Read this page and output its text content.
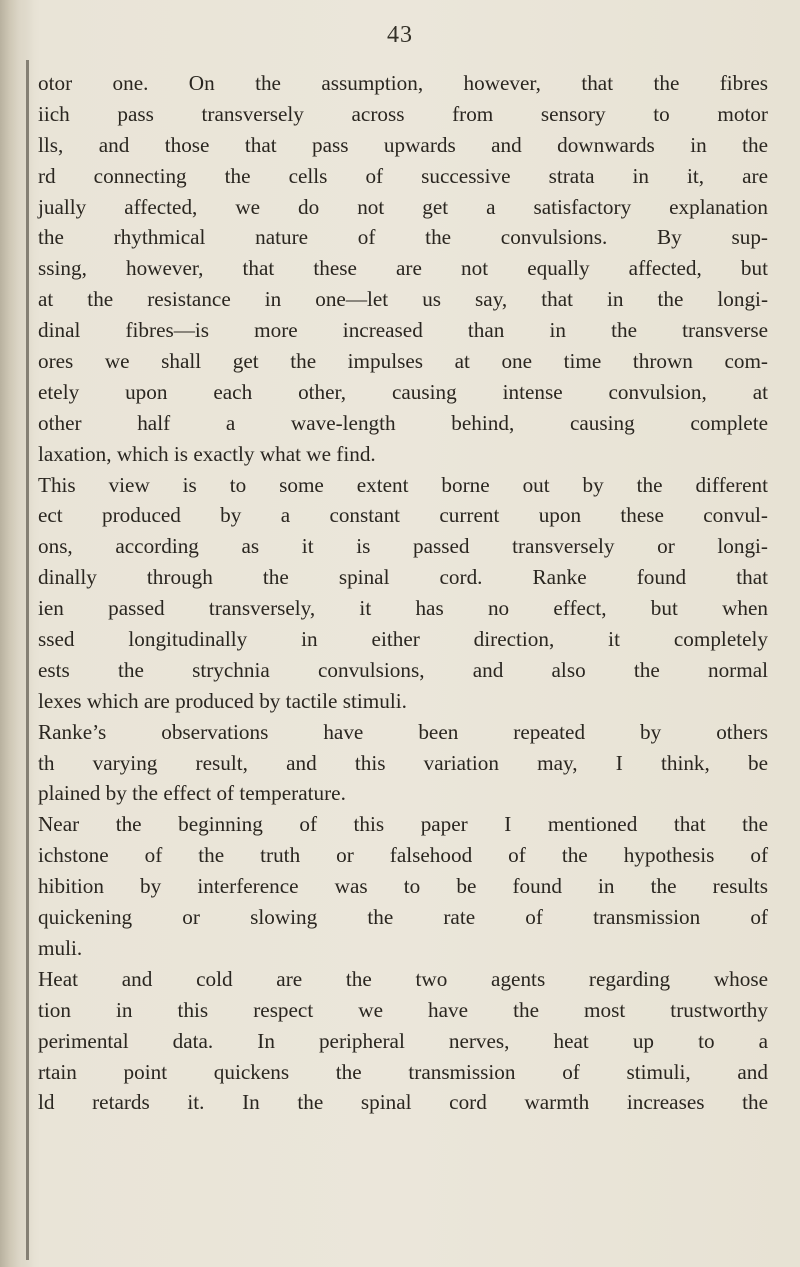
43
otor one. On the assumption, however, that the fibres
iich pass transversely across from sensory to motor
lls, and those that pass upwards and downwards in the
rd connecting the cells of successive strata in it, are
jually affected, we do not get a satisfactory explanation
the rhythmical nature of the convulsions. By sup-
ssing, however, that these are not equally affected, but
at the resistance in one—let us say, that in the longi-
dinal fibres—is more increased than in the transverse
ores we shall get the impulses at one time thrown com-
etely upon each other, causing intense convulsion, at
other half a wave-length behind, causing complete
laxation, which is exactly what we find.
This view is to some extent borne out by the different
ect produced by a constant current upon these convul-
ons, according as it is passed transversely or longi-
dinally through the spinal cord. Ranke found that
ien passed transversely, it has no effect, but when
ssed longitudinally in either direction, it completely
ests the strychnia convulsions, and also the normal
lexes which are produced by tactile stimuli.
Ranke’s observations have been repeated by others
th varying result, and this variation may, I think, be
plained by the effect of temperature.
Near the beginning of this paper I mentioned that the
ichstone of the truth or falsehood of the hypothesis of
hibition by interference was to be found in the results
quickening or slowing the rate of transmission of
muli.
Heat and cold are the two agents regarding whose
tion in this respect we have the most trustworthy
perimental data. In peripheral nerves, heat up to a
rtain point quickens the transmission of stimuli, and
ld retards it. In the spinal cord warmth increases the
